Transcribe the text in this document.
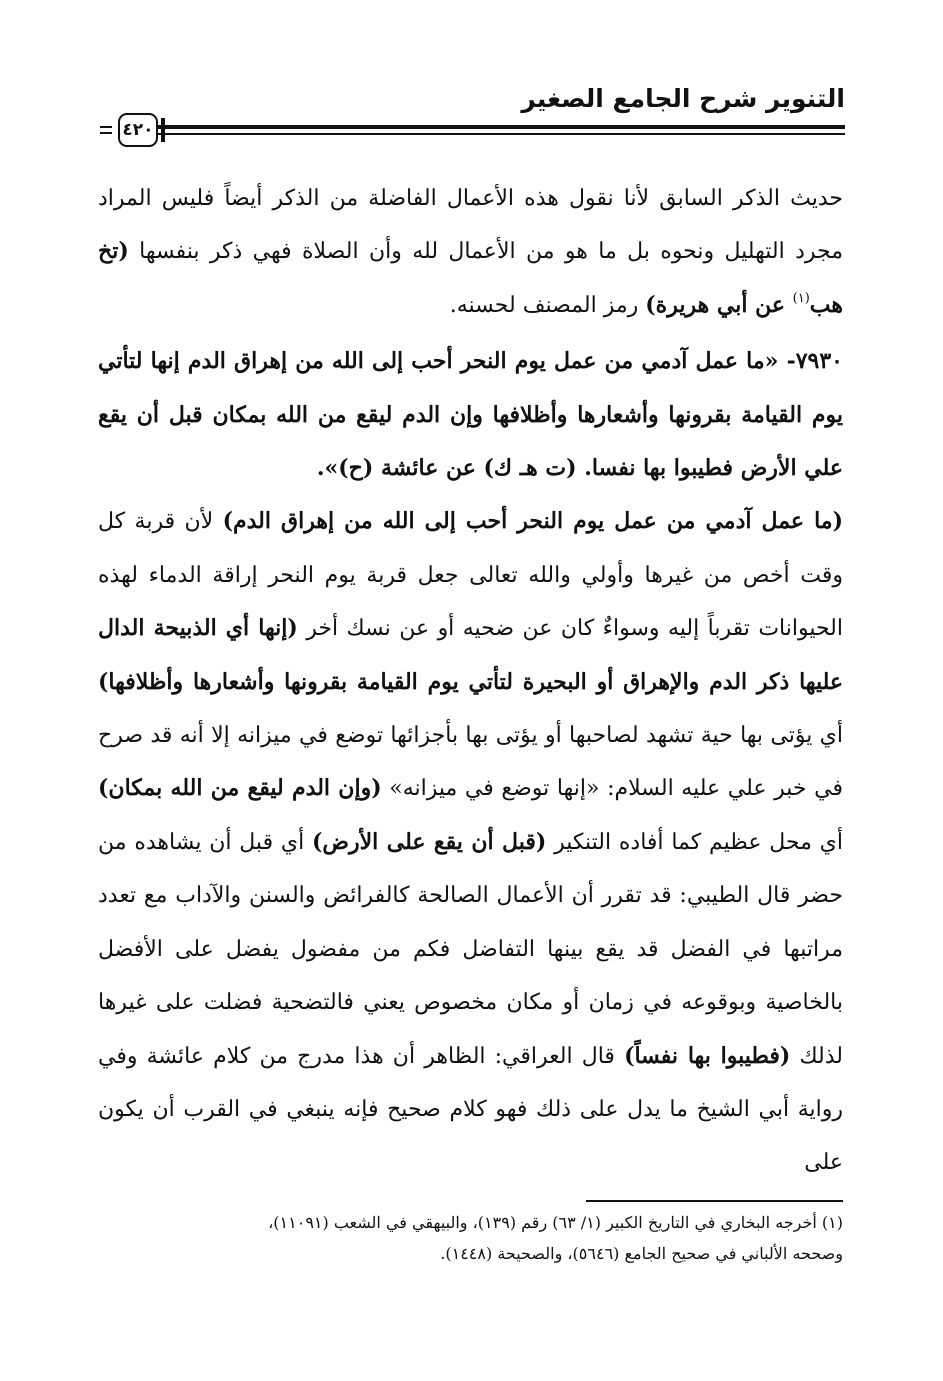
التنوير شرح الجامع الصغير
٤٢٠

حديث الذكر السابق لأنا نقول هذه الأعمال الفاضلة من الذكر أيضاً فليس المراد مجرد التهليل ونحوه بل ما هو من الأعمال لله وأن الصلاة فهي ذكر بنفسها (تخ هب$^{(١)}$ عن أبي هريرة) رمز المصنف لحسنه.

٧٩٣٠- «ما عمل آدمي من عمل يوم النحر أحب إلى الله من إهراق الدم إنها لتأتي يوم القيامة بقرونها وأشعارها وأظلافها وإن الدم ليقع من الله بمكان قبل أن يقع علي الأرض فطيبوا بها نفسا. (ت هـ ك) عن عائشة (ح)».

(ما عمل آدمي من عمل يوم النحر أحب إلى الله من إهراق الدم) لأن قربة كل وقت أخص من غيرها وأولي والله تعالى جعل قربة يوم النحر إراقة الدماء لهذه الحيوانات تقرباً إليه وسواءٌ كان عن ضحيه أو عن نسك أخر (إنها أي الذبيحة الدال عليها ذكر الدم والإهراق أو البحيرة لتأتي يوم القيامة بقرونها وأشعارها وأظلافها) أي يؤتى بها حية تشهد لصاحبها أو يؤتى بها بأجزائها توضع في ميزانه إلا أنه قد صرح في خبر علي عليه السلام: «إنها توضع في ميزانه» (وإن الدم ليقع من الله بمكان) أي محل عظيم كما أفاده التنكير (قبل أن يقع على الأرض) أي قبل أن يشاهده من حضر قال الطيبي: قد تقرر أن الأعمال الصالحة كالفرائض والسنن والآداب مع تعدد مراتبها في الفضل قد يقع بينها التفاضل فكم من مفضول يفضل على الأفضل بالخاصية وبوقوعه في زمان أو مكان مخصوص يعني فالتضحية فضلت على غيرها لذلك (فطيبوا بها نفساً) قال العراقي: الظاهر أن هذا مدرج من كلام عائشة وفي رواية أبي الشيخ ما يدل على ذلك فهو كلام صحيح فإنه ينبغي في القرب أن يكون على

(١) أخرجه البخاري في التاريخ الكبير (١/ ٦٣) رقم (١٣٩)، والبيهقي في الشعب (١١٠٩١)،

وصححه الألباني في صحيح الجامع (٥٦٤٦)، والصحيحة (١٤٤٨).
